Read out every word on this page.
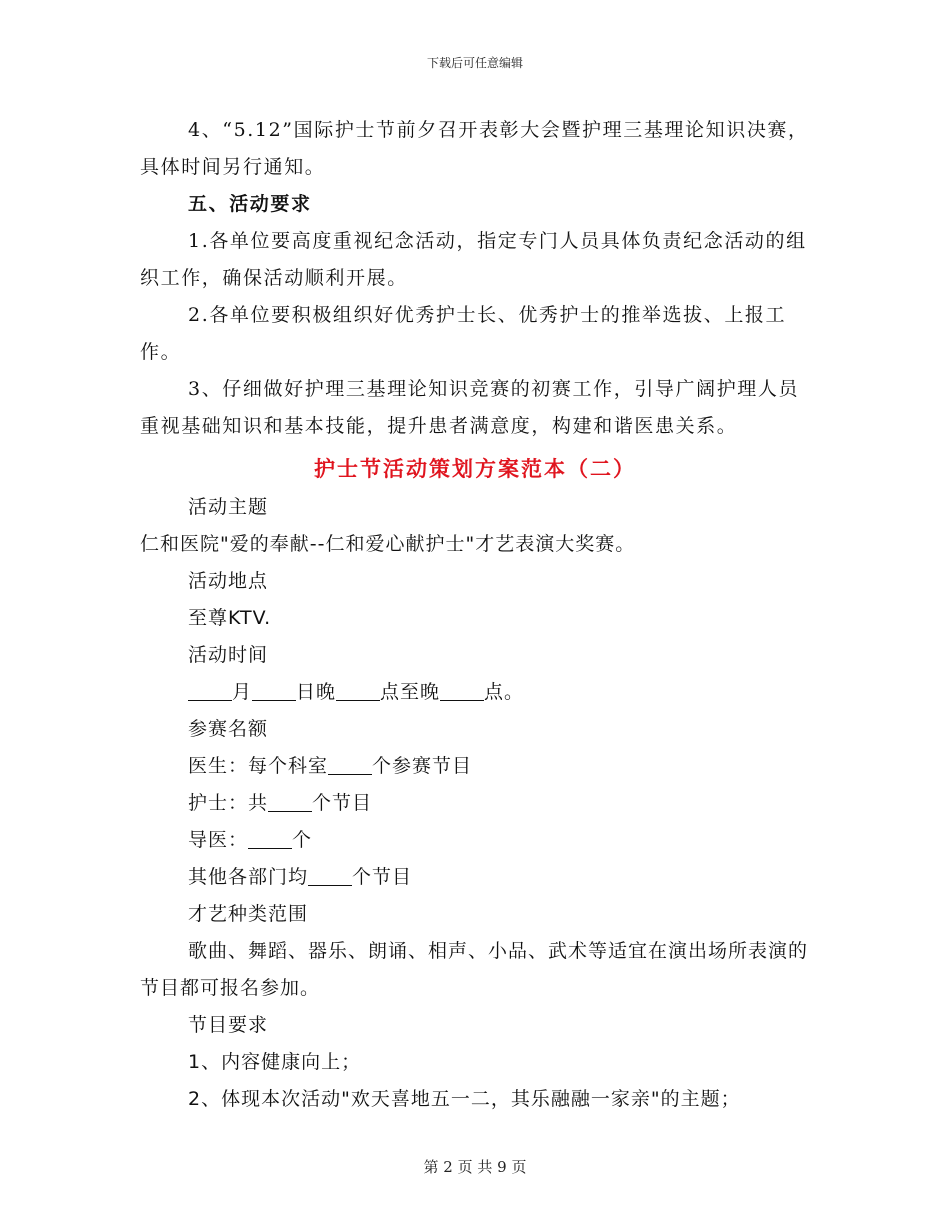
下载后可任意编辑

4、“5.12”国际护士节前夕召开表彰大会暨护理三基理论知识决赛，具体时间另行通知。

五、活动要求

1.各单位要高度重视纪念活动，指定专门人员具体负责纪念活动的组织工作，确保活动顺利开展。

2.各单位要积极组织好优秀护士长、优秀护士的推举选拔、上报工作。

3、仔细做好护理三基理论知识竞赛的初赛工作，引导广阔护理人员重视基础知识和基本技能，提升患者满意度，构建和谐医患关系。

护士节活动策划方案范本（二）

活动主题

仁和医院"爱的奉献--仁和爱心献护士"才艺表演大奖赛。

活动地点

至尊KTV.

活动时间

月 日晚 点至晚 点。

参赛名额

医生：每个科室 个参赛节目

护士：共 个节目

导医： 个

其他各部门均 个节目

才艺种类范围

歌曲、舞蹈、器乐、朗诵、相声、小品、武术等适宜在演出场所表演的节目都可报名参加。

节目要求

1、内容健康向上；

2、体现本次活动"欢天喜地五一二，其乐融融一家亲"的主题；

第 2 页 共 9 页
